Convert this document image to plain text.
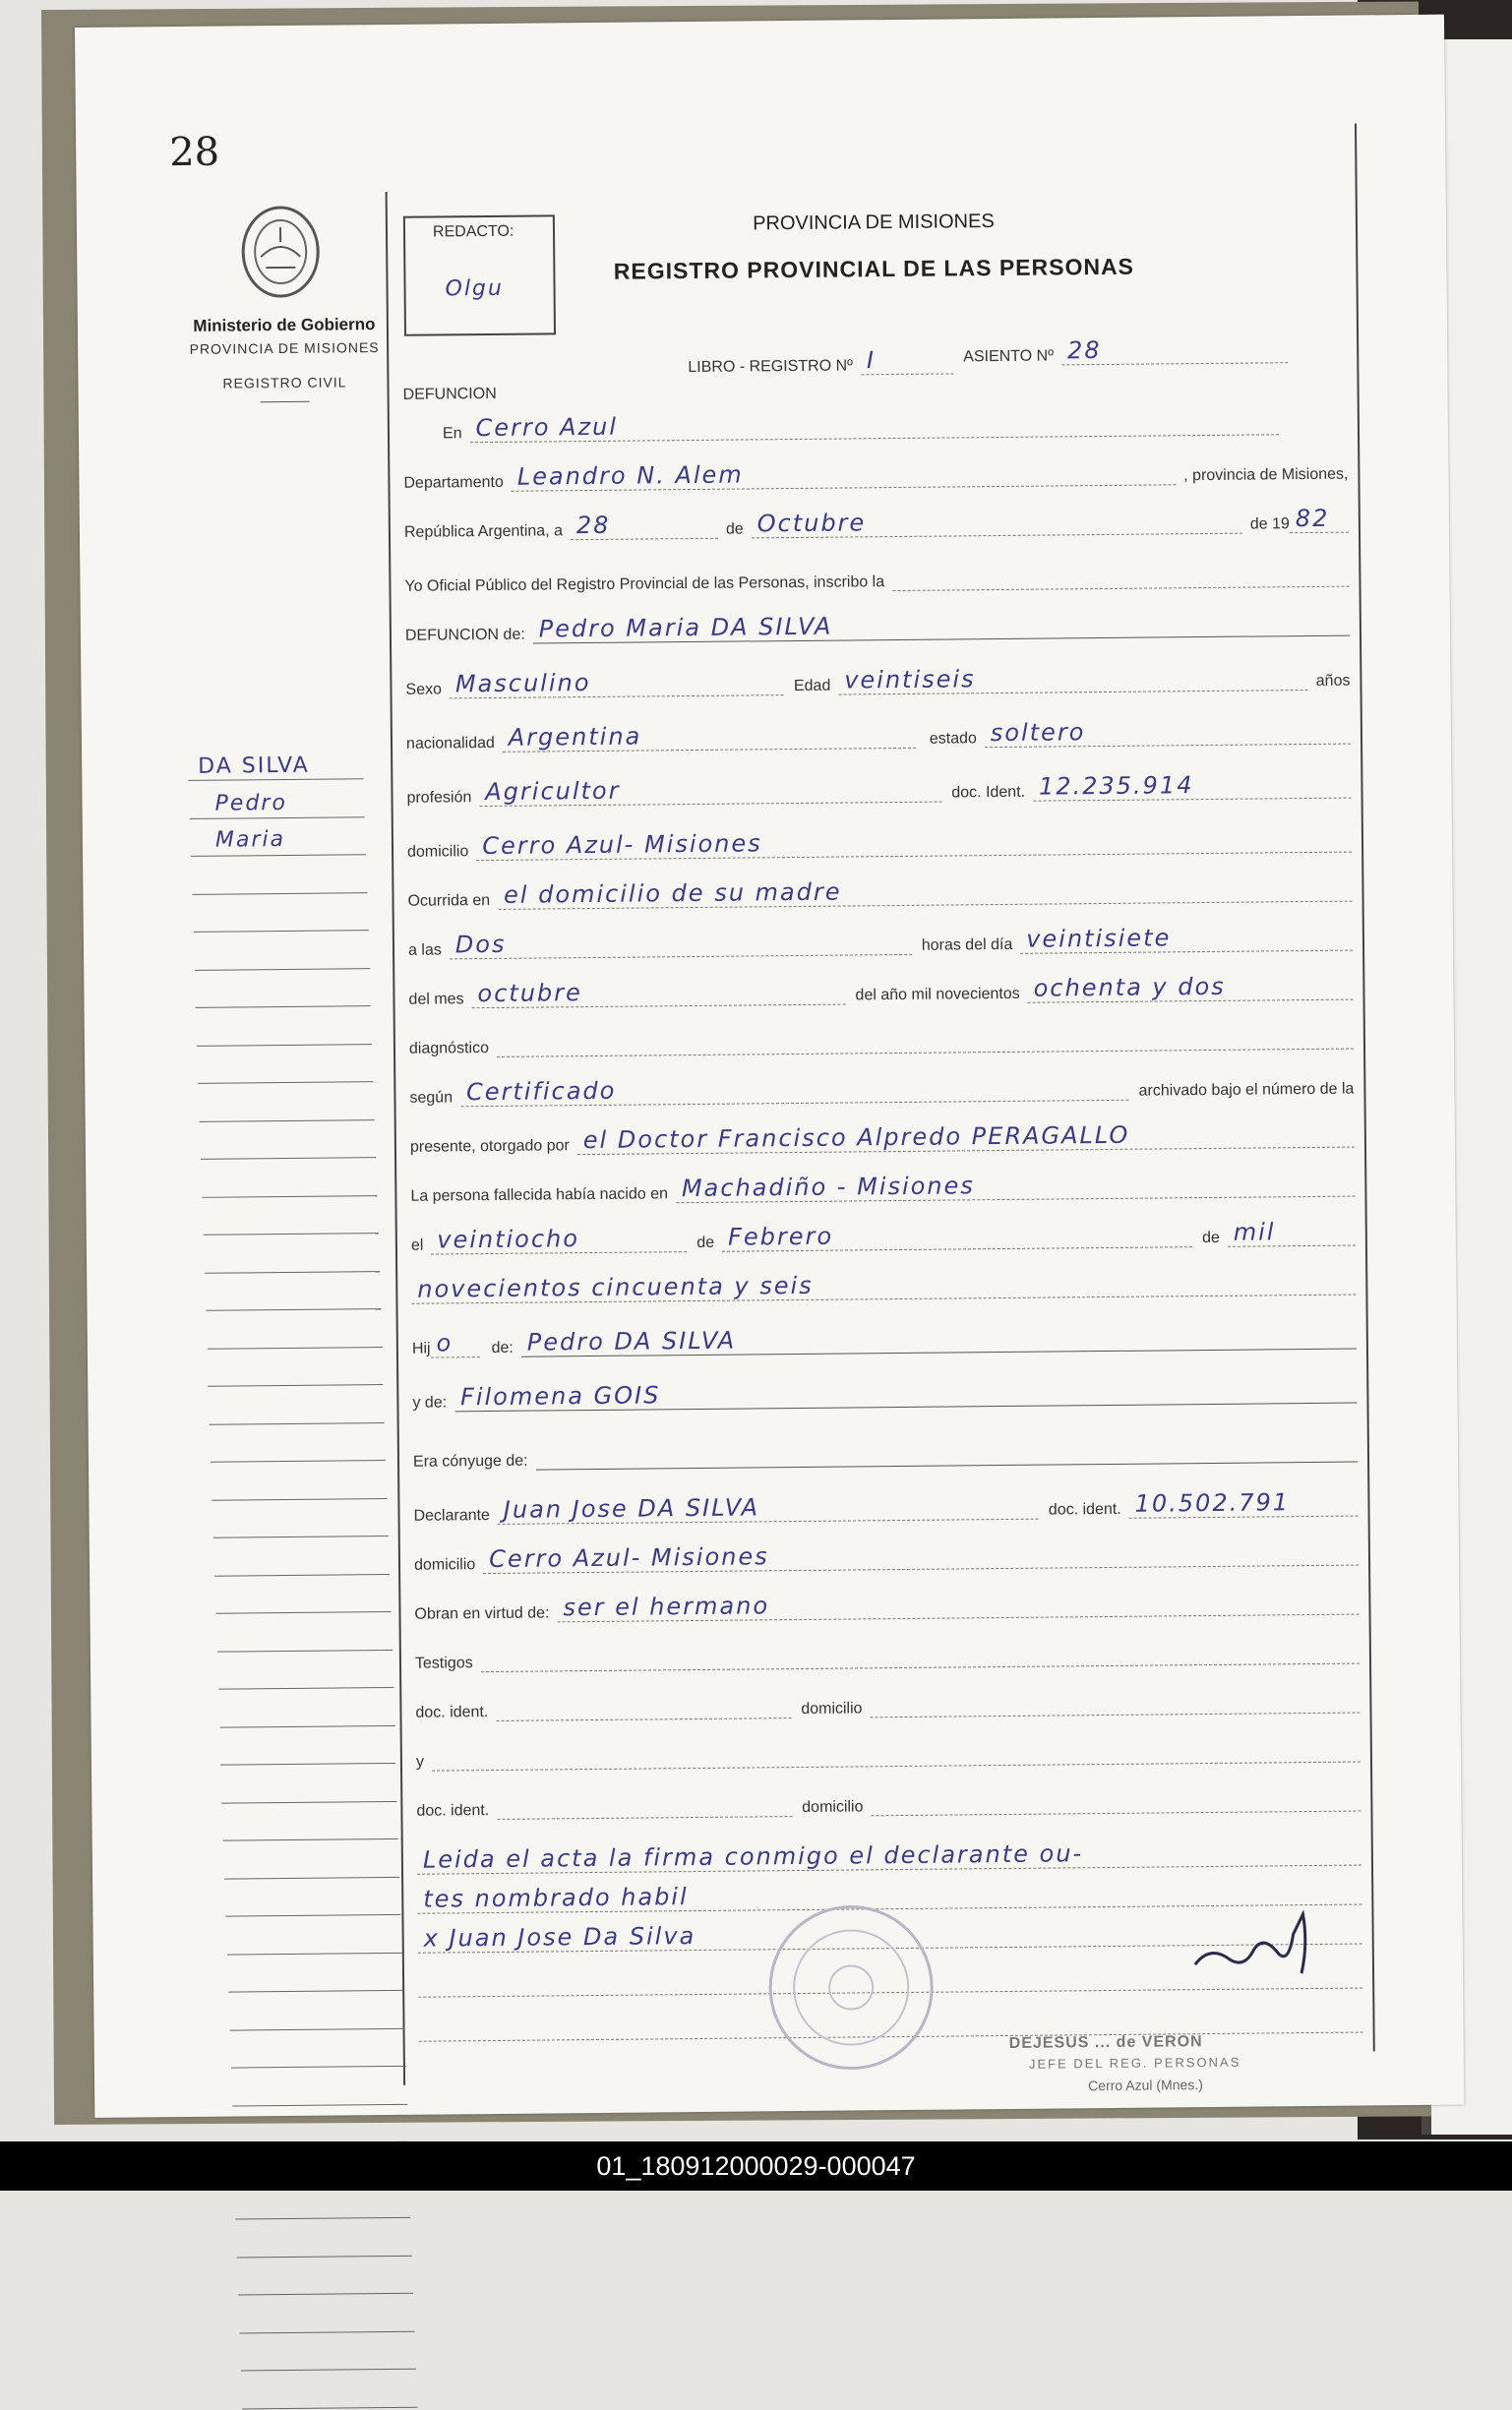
28
Ministerio de Gobierno
PROVINCIA DE MISIONES
REGISTRO CIVIL
REDACTO:
Olgu
PROVINCIA DE MISIONES
REGISTRO PROVINCIAL DE LAS PERSONAS
DEFUNCION
LIBRO - REGISTRO Nº I	ASIENTO Nº 28
DA SILVA
Pedro
Maria
En Cerro Azul
Departamento Leandro N. Alem	, provincia de Misiones,
República Argentina, a 28	de Octubre	de 19 82
Yo Oficial Público del Registro Provincial de las Personas, inscribo la
DEFUNCION de: Pedro Maria DA SILVA
Sexo Masculino	Edad veintiseis	años
nacionalidad Argentina	estado soltero
profesión Agricultor	doc. Ident. 12.235.914
domicilio Cerro Azul- Misiones
Ocurrida en el domicilio de su madre
a las Dos	horas del día veintisiete
del mes octubre	del año mil novecientos ochenta y dos
diagnóstico
según Certificado	archivado bajo el número de la
presente, otorgado por el Doctor Francisco Alpredo PERAGALLO
La persona fallecida había nacido en Machadiño - Misiones
el veintiocho	de Febrero	de mil
novecientos cincuenta y seis
Hij o de: Pedro DA SILVA
y de: Filomena GOIS
Era cónyuge de:
Declarante Juan Jose DA SILVA	doc. ident. 10.502.791
domicilio Cerro Azul- Misiones
Obran en virtud de: ser el hermano
Testigos
doc. ident.	domicilio
y
doc. ident.	domicilio
Leida el acta la firma conmigo el declarante ou-
tes nombrado habil
x Juan Jose Da Silva
DEJESUS ... de VERON
JEFE DEL REG. PERSONAS
Cerro Azul (Mnes.)
01_180912000029-000047
